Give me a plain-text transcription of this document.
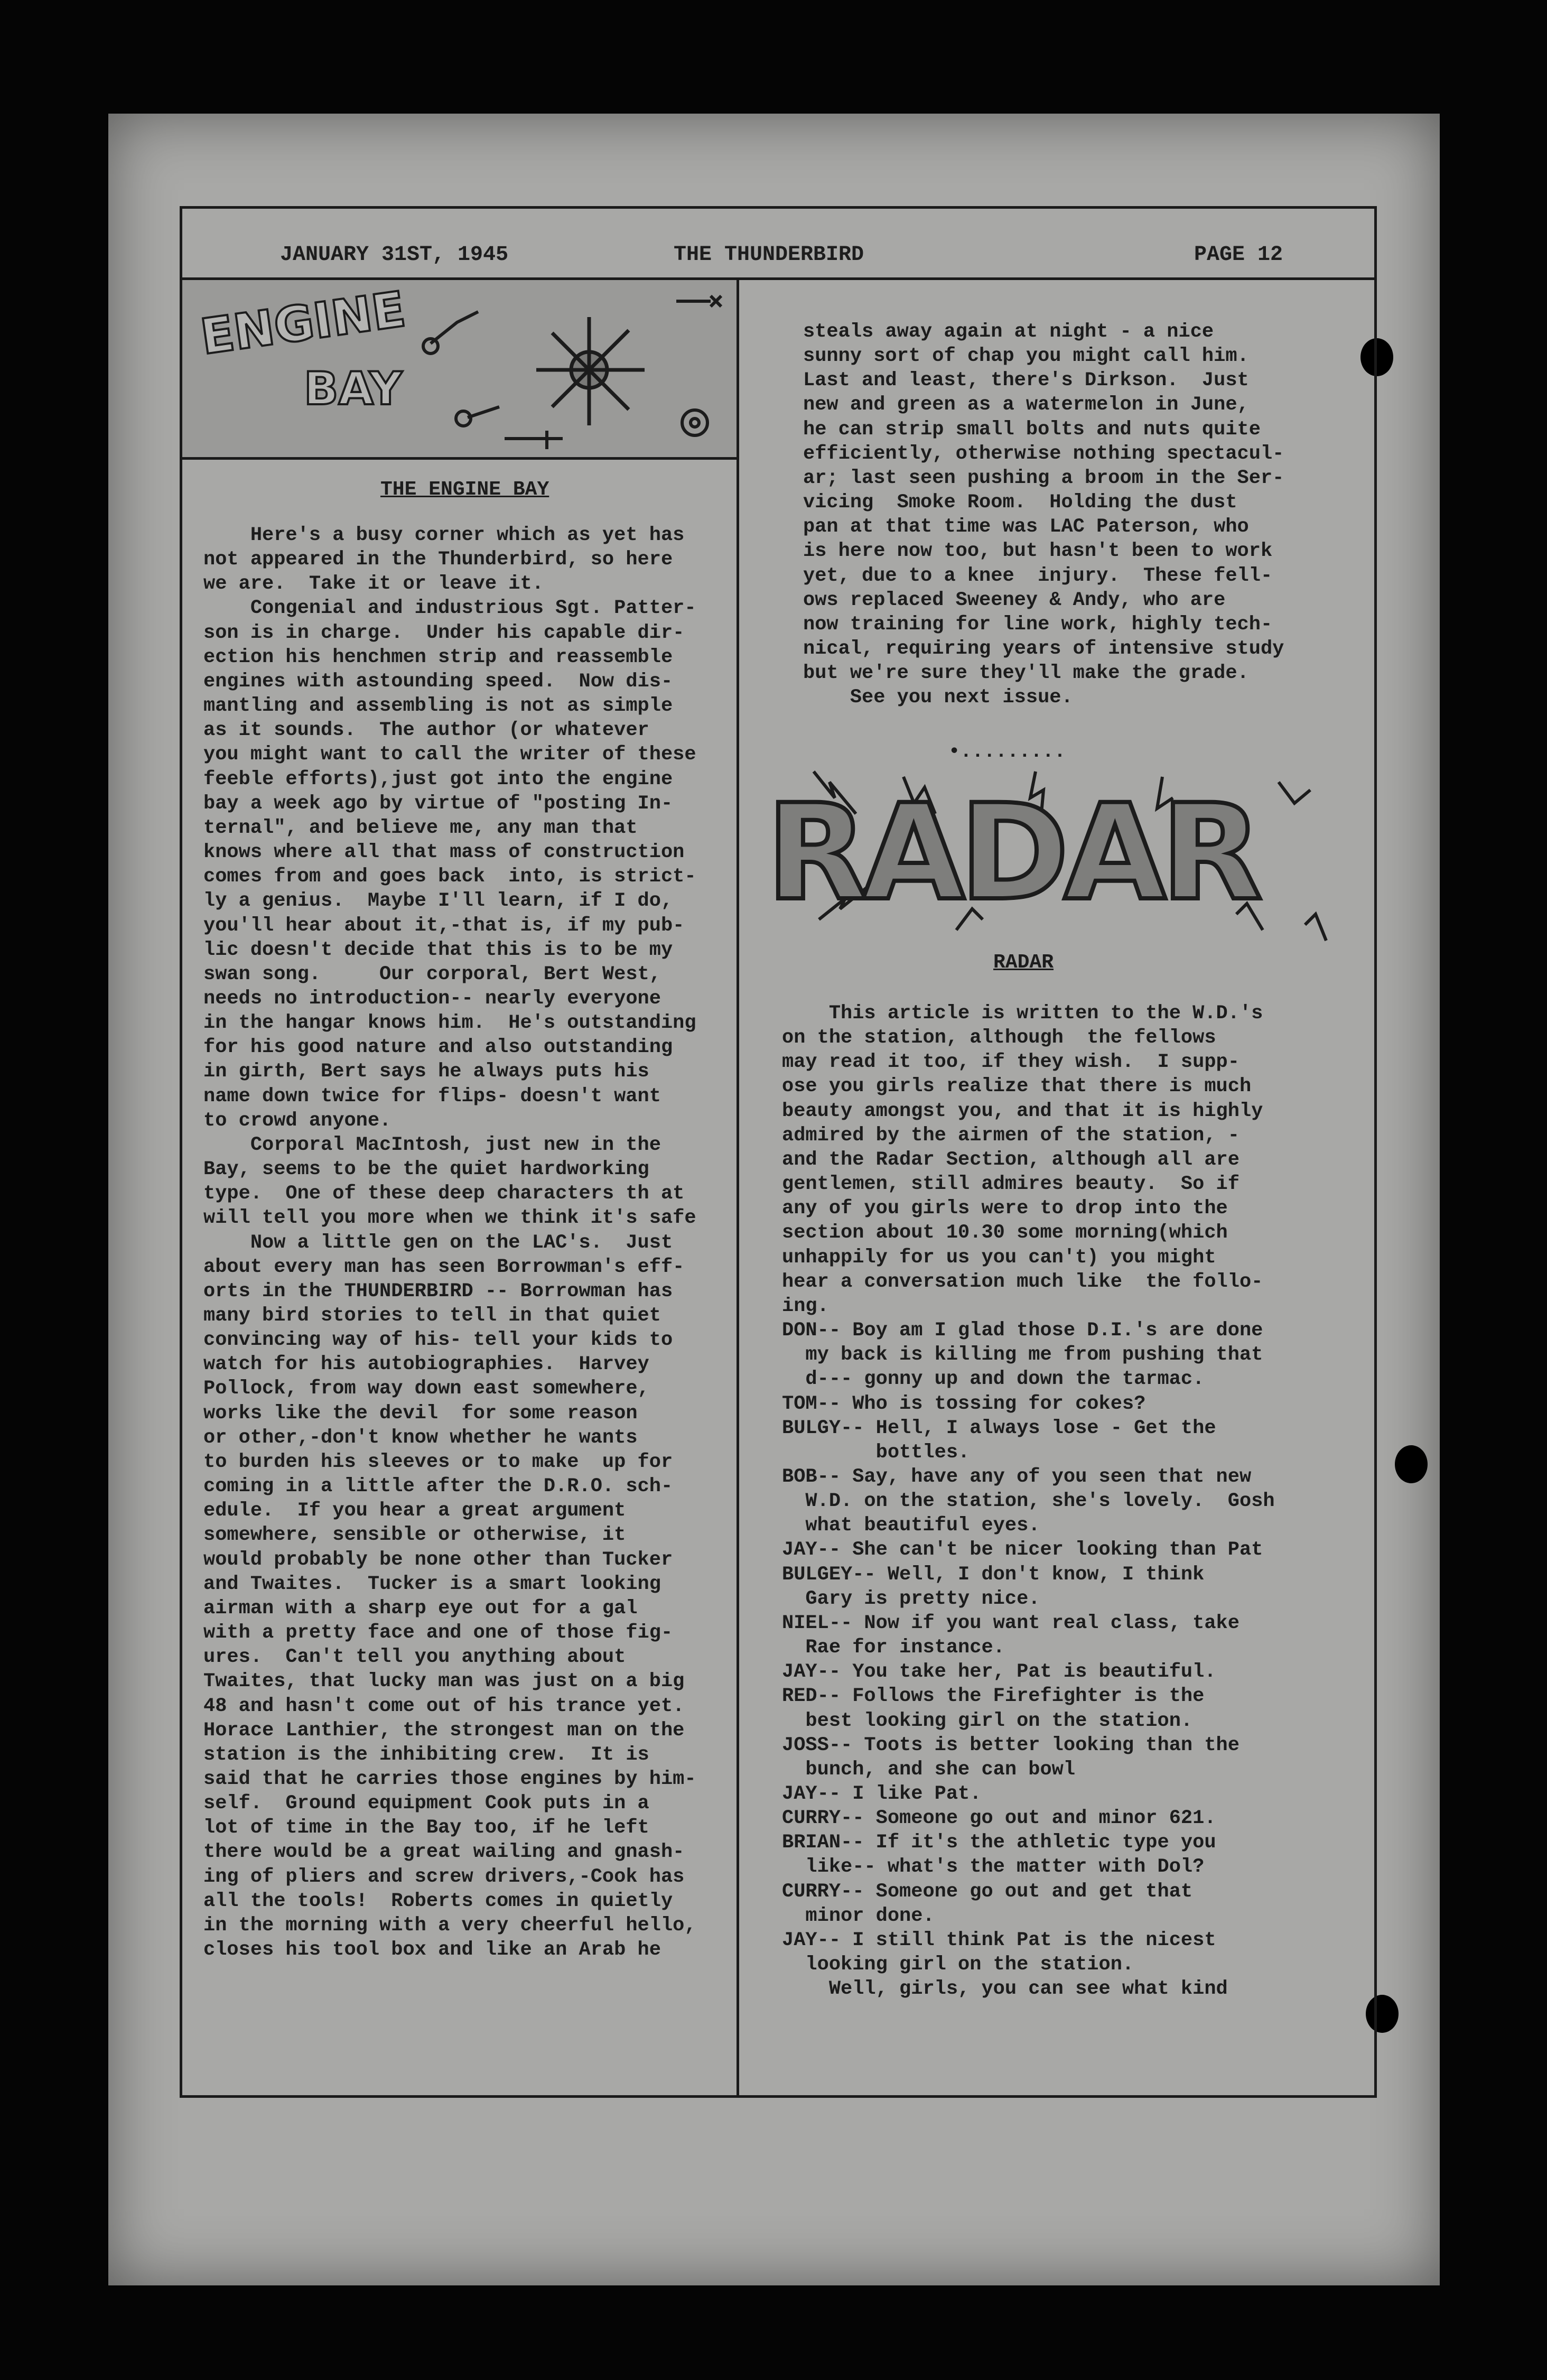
JANUARY 31ST, 1945	THE THUNDERBIRD	PAGE 12
ENGINE
BAY
THE ENGINE BAY
Here's a busy corner which as yet has
not appeared in the Thunderbird, so here
we are.  Take it or leave it.
Congenial and industrious Sgt. Patter-
son is in charge.  Under his capable dir-
ection his henchmen strip and reassemble
engines with astounding speed.  Now dis-
mantling and assembling is not as simple
as it sounds.  The author (or whatever
you might want to call the writer of these
feeble efforts),just got into the engine
bay a week ago by virtue of "posting In-
ternal", and believe me, any man that
knows where all that mass of construction
comes from and goes back  into, is strict-
ly a genius.  Maybe I'll learn, if I do,
you'll hear about it,-that is, if my pub-
lic doesn't decide that this is to be my
swan song.     Our corporal, Bert West,
needs no introduction-- nearly everyone
in the hangar knows him.  He's outstanding
for his good nature and also outstanding
in girth, Bert says he always puts his
name down twice for flips- doesn't want
to crowd anyone.
Corporal MacIntosh, just new in the
Bay, seems to be the quiet hardworking
type.  One of these deep characters th at
will tell you more when we think it's safe
Now a little gen on the LAC's.  Just
about every man has seen Borrowman's eff-
orts in the THUNDERBIRD -- Borrowman has
many bird stories to tell in that quiet
convincing way of his- tell your kids to
watch for his autobiographies.  Harvey
Pollock, from way down east somewhere,
works like the devil  for some reason
or other,-don't know whether he wants
to burden his sleeves or to make  up for
coming in a little after the D.R.O. sch-
edule.  If you hear a great argument
somewhere, sensible or otherwise, it
would probably be none other than Tucker
and Twaites.  Tucker is a smart looking
airman with a sharp eye out for a gal
with a pretty face and one of those fig-
ures.  Can't tell you anything about
Twaites, that lucky man was just on a big
48 and hasn't come out of his trance yet.
Horace Lanthier, the strongest man on the
station is the inhibiting crew.  It is
said that he carries those engines by him-
self.  Ground equipment Cook puts in a
lot of time in the Bay too, if he left
there would be a great wailing and gnash-
ing of pliers and screw drivers,-Cook has
all the tools!  Roberts comes in quietly
in the morning with a very cheerful hello,
closes his tool box and like an Arab he
steals away again at night - a nice
sunny sort of chap you might call him.
Last and least, there's Dirkson.  Just
new and green as a watermelon in June,
he can strip small bolts and nuts quite
efficiently, otherwise nothing spectacul-
ar; last seen pushing a broom in the Ser-
vicing  Smoke Room.  Holding the dust
pan at that time was LAC Paterson, who
is here now too, but hasn't been to work
yet, due to a knee  injury.  These fell-
ows replaced Sweeney & Andy, who are
now training for line work, highly tech-
nical, requiring years of intensive study
but we're sure they'll make the grade.
See you next issue.
•.........
RADAR
RADAR
This article is written to the W.D.'s
on the station, although  the fellows
may read it too, if they wish.  I supp-
ose you girls realize that there is much
beauty amongst you, and that it is highly
admired by the airmen of the station, -
and the Radar Section, although all are
gentlemen, still admires beauty.  So if
any of you girls were to drop into the
section about 10.30 some morning(which
unhappily for us you can't) you might
hear a conversation much like  the follo-
ing.
DON-- Boy am I glad those D.I.'s are done
my back is killing me from pushing that
d--- gonny up and down the tarmac.
TOM-- Who is tossing for cokes?
BULGY-- Hell, I always lose - Get the
bottles.
BOB-- Say, have any of you seen that new
W.D. on the station, she's lovely.  Gosh
what beautiful eyes.
JAY-- She can't be nicer looking than Pat
BULGEY-- Well, I don't know, I think
Gary is pretty nice.
NIEL-- Now if you want real class, take
Rae for instance.
JAY-- You take her, Pat is beautiful.
RED-- Follows the Firefighter is the
best looking girl on the station.
JOSS-- Toots is better looking than the
bunch, and she can bowl
JAY-- I like Pat.
CURRY-- Someone go out and minor 621.
BRIAN-- If it's the athletic type you
like-- what's the matter with Dol?
CURRY-- Someone go out and get that
minor done.
JAY-- I still think Pat is the nicest
looking girl on the station.
Well, girls, you can see what kind
